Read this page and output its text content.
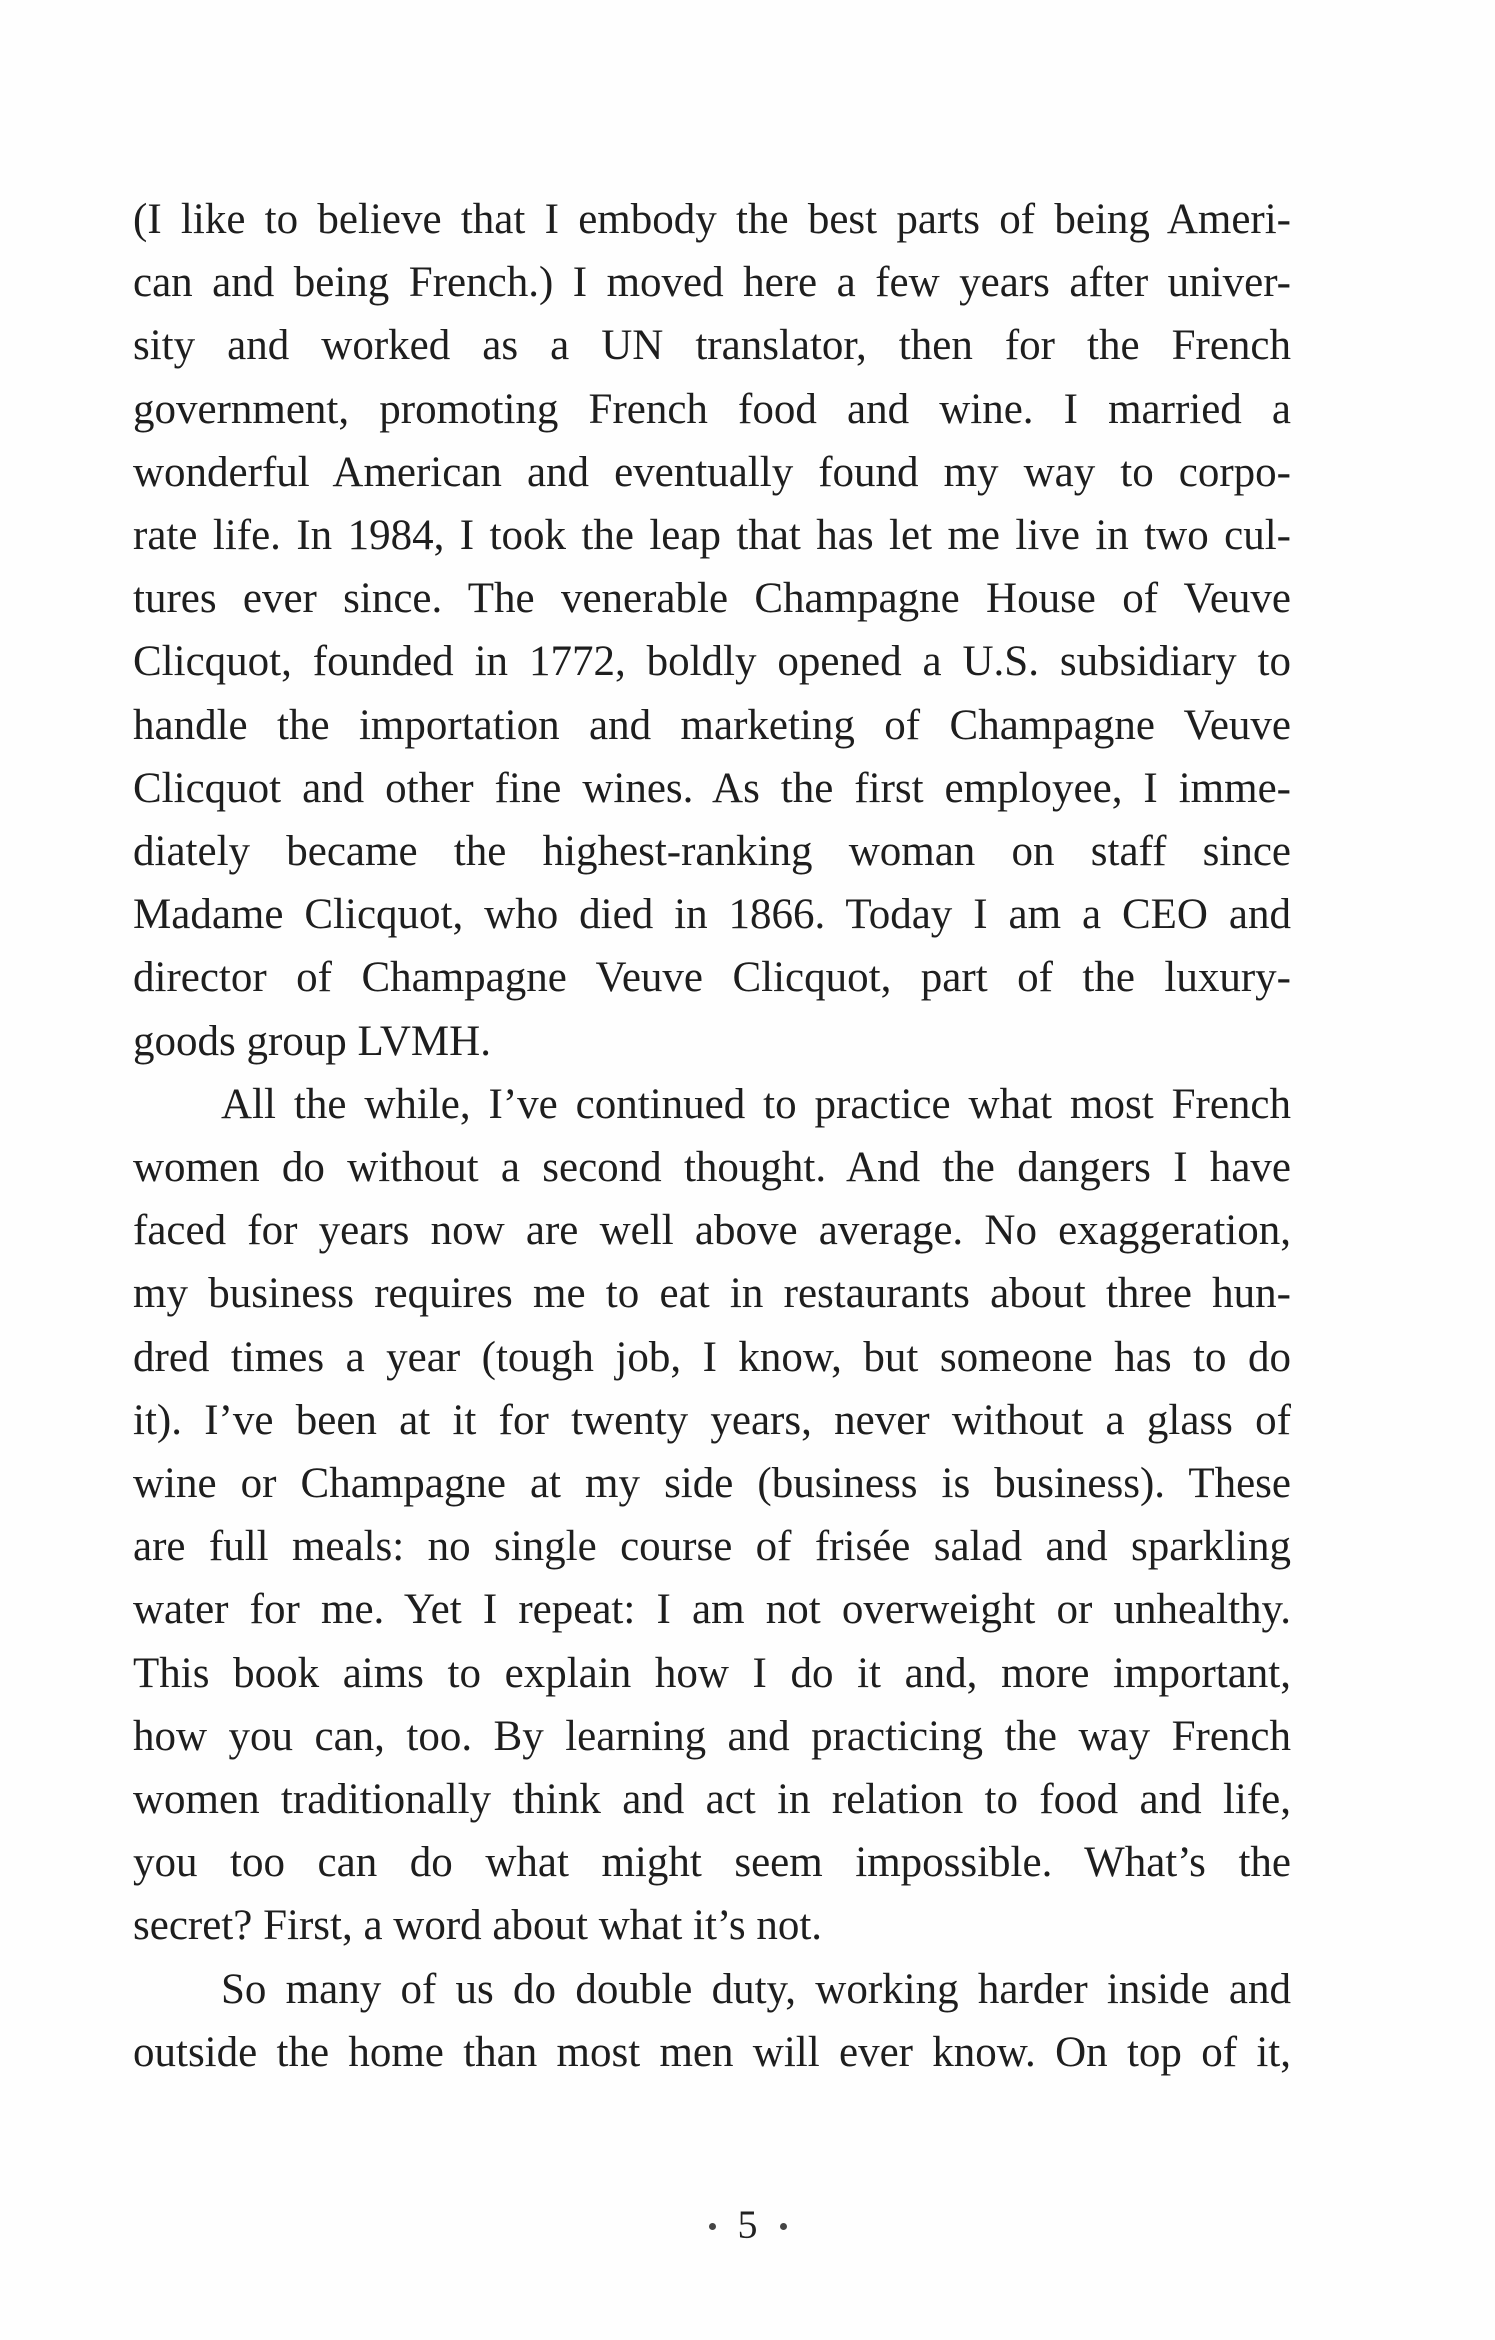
(I like to believe that I embody the best parts of being Ameri-
can and being French.) I moved here a few years after univer-
sity and worked as a UN translator, then for the French
government, promoting French food and wine. I married a
wonderful American and eventually found my way to corpo-
rate life. In 1984, I took the leap that has let me live in two cul-
tures ever since. The venerable Champagne House of Veuve
Clicquot, founded in 1772, boldly opened a U.S. subsidiary to
handle the importation and marketing of Champagne Veuve
Clicquot and other fine wines. As the first employee, I imme-
diately became the highest-ranking woman on staff since
Madame Clicquot, who died in 1866. Today I am a CEO and
director of Champagne Veuve Clicquot, part of the luxury-
goods group LVMH.
All the while, I’ve continued to practice what most French
women do without a second thought. And the dangers I have
faced for years now are well above average. No exaggeration,
my business requires me to eat in restaurants about three hun-
dred times a year (tough job, I know, but someone has to do
it). I’ve been at it for twenty years, never without a glass of
wine or Champagne at my side (business is business). These
are full meals: no single course of frisée salad and sparkling
water for me. Yet I repeat: I am not overweight or unhealthy.
This book aims to explain how I do it and, more important,
how you can, too. By learning and practicing the way French
women traditionally think and act in relation to food and life,
you too can do what might seem impossible. What’s the
secret? First, a word about what it’s not.
So many of us do double duty, working harder inside and
outside the home than most men will ever know. On top of it,
5
